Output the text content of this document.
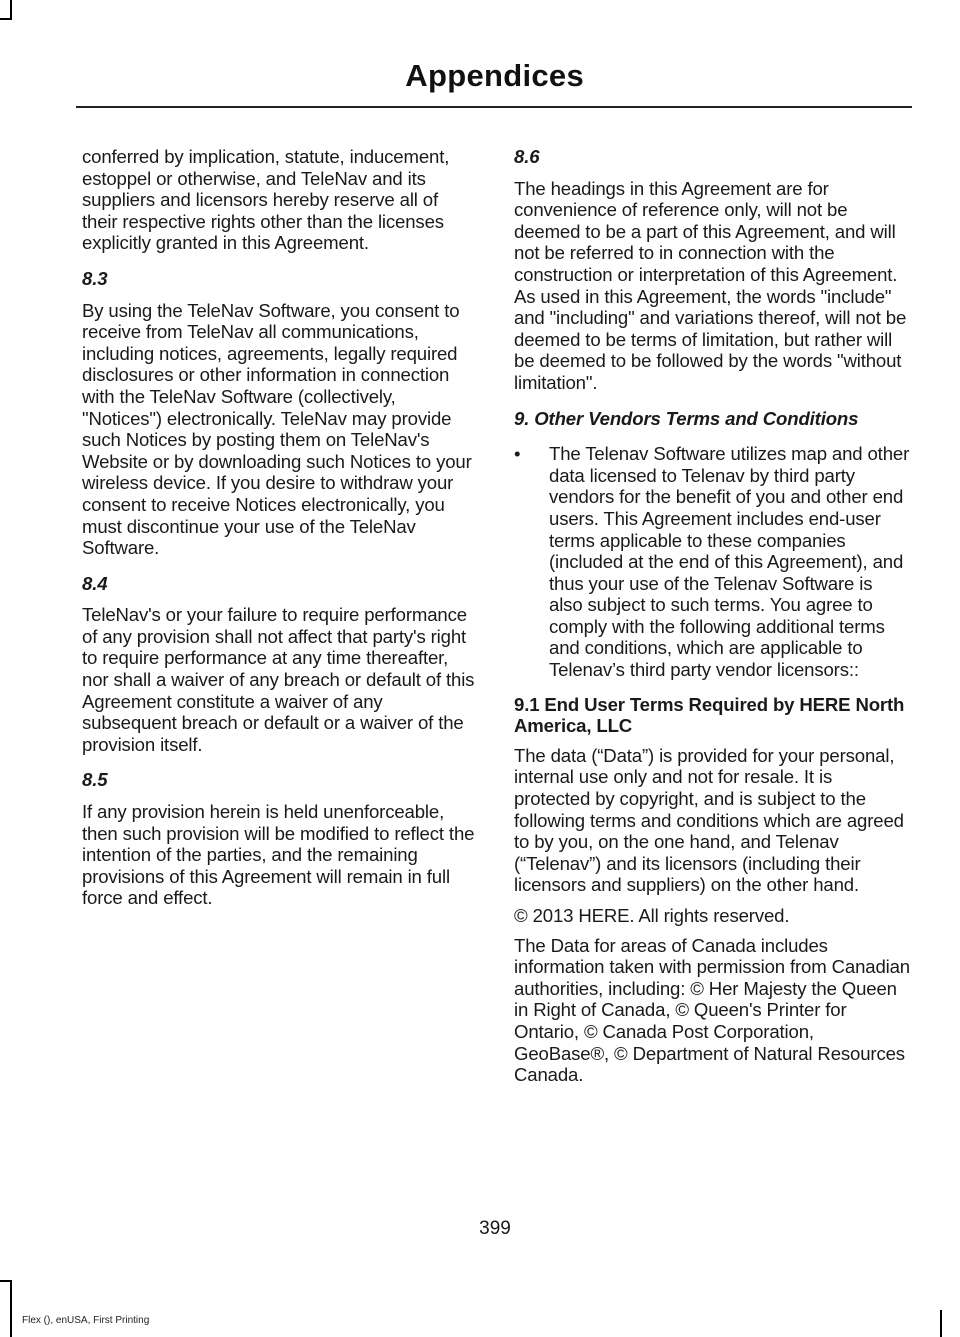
Appendices
conferred by implication, statute, inducement, estoppel or otherwise, and TeleNav and its suppliers and licensors hereby reserve all of their respective rights other than the licenses explicitly granted in this Agreement.
8.3
By using the TeleNav Software, you consent to receive from TeleNav all communications, including notices, agreements, legally required disclosures or other information in connection with the TeleNav Software (collectively, "Notices") electronically. TeleNav may provide such Notices by posting them on TeleNav's Website or by downloading such Notices to your wireless device. If you desire to withdraw your consent to receive Notices electronically, you must discontinue your use of the TeleNav Software.
8.4
TeleNav's or your failure to require performance of any provision shall not affect that party's right to require performance at any time thereafter, nor shall a waiver of any breach or default of this Agreement constitute a waiver of any subsequent breach or default or a waiver of the provision itself.
8.5
If any provision herein is held unenforceable, then such provision will be modified to reflect the intention of the parties, and the remaining provisions of this Agreement will remain in full force and effect.
8.6
The headings in this Agreement are for convenience of reference only, will not be deemed to be a part of this Agreement, and will not be referred to in connection with the construction or interpretation of this Agreement. As used in this Agreement, the words "include" and "including" and variations thereof, will not be deemed to be terms of limitation, but rather will be deemed to be followed by the words "without limitation".
9. Other Vendors Terms and Conditions
• The Telenav Software utilizes map and other data licensed to Telenav by third party vendors for the benefit of you and other end users. This Agreement includes end-user terms applicable to these companies (included at the end of this Agreement), and thus your use of the Telenav Software is also subject to such terms. You agree to comply with the following additional terms and conditions, which are applicable to Telenav’s third party vendor licensors::
9.1 End User Terms Required by HERE North America, LLC
The data (“Data”) is provided for your personal, internal use only and not for resale. It is protected by copyright, and is subject to the following terms and conditions which are agreed to by you, on the one hand, and Telenav (“Telenav”) and its licensors (including their licensors and suppliers) on the other hand.
© 2013 HERE. All rights reserved.
The Data for areas of Canada includes information taken with permission from Canadian authorities, including: © Her Majesty the Queen in Right of Canada, © Queen's Printer for Ontario, © Canada Post Corporation, GeoBase®, © Department of Natural Resources Canada.
399
Flex (), enUSA, First Printing
